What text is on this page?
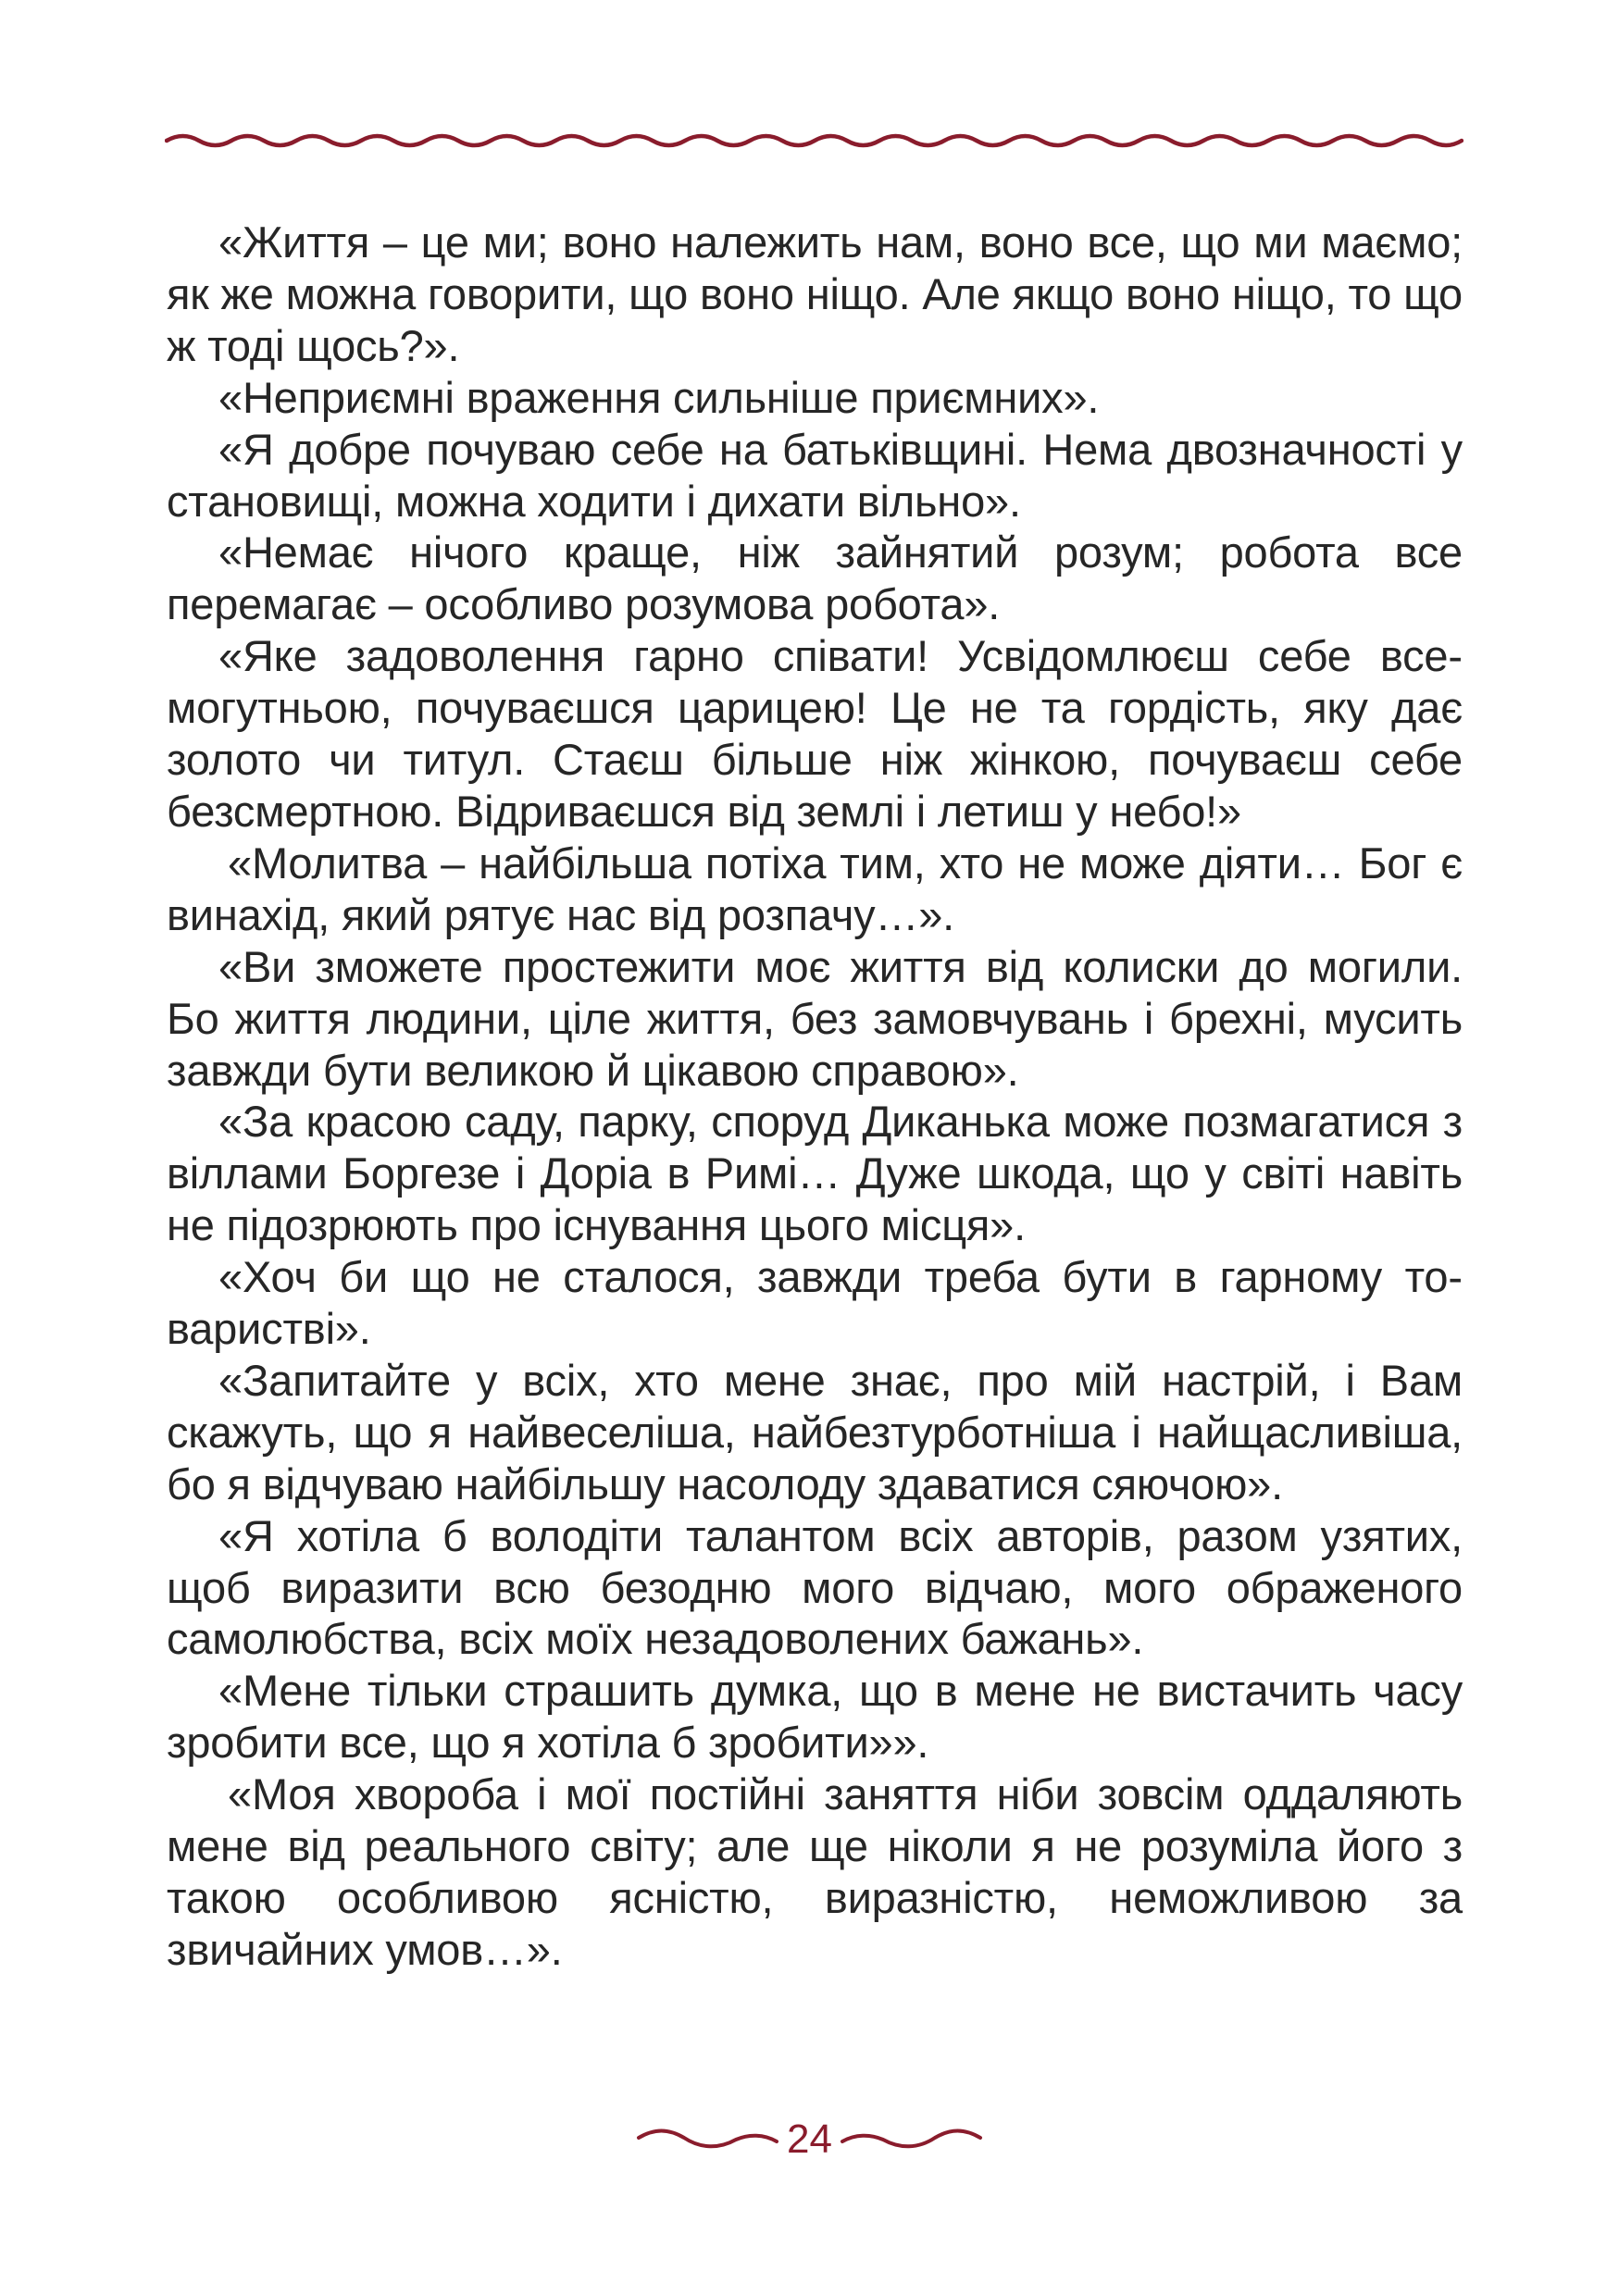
«Життя – це ми; воно належить нам, воно все, що ми маємо; як же можна говорити, що воно ніщо. Але якщо воно ніщо, то що ж тоді щось?».

«Неприємні враження сильніше приємних».

«Я добре почуваю себе на батьківщині. Нема двозначності у становищі, можна ходити і дихати вільно».

«Немає нічого краще, ніж зайнятий розум; робота все перемагає – особливо розумова робота».

«Яке задоволення гарно співати! Усвідомлюєш себе всемогутньою, почуваєшся царицею! Це не та гордість, яку дає золото чи титул. Стаєш більше ніж жінкою, почуваєш себе безсмертною. Відриваєшся від землі і летиш у небо!»

«Молитва – найбільша потіха тим, хто не може діяти… Бог є винахід, який рятує нас від розпачу…».

«Ви зможете простежити моє життя від колиски до могили. Бо життя людини, ціле життя, без замовчувань і брехні, мусить завжди бути великою й цікавою справою».

«За красою саду, парку, споруд Диканька може позмагатися з віллами Боргезе і Доріа в Римі… Дуже шкода, що у світі навіть не підозрюють про існування цього місця».

«Хоч би що не сталося, завжди треба бути в гарному товаристві».

«Запитайте у всіх, хто мене знає, про мій настрій, і Вам скажуть, що я найвеселіша, найбезтурботніша і найщасливіша, бо я відчуваю найбільшу насолоду здаватися сяючою».

«Я хотіла б володіти талантом всіх авторів, разом узятих, щоб виразити всю безодню мого відчаю, мого ображеного самолюбства, всіх моїх незадоволених бажань».

«Мене тільки страшить думка, що в мене не вистачить часу зробити все, що я хотіла б зробити»».

«Моя хвороба і мої постійні заняття ніби зовсім оддаляють мене від реального світу; але ще ніколи я не розуміла його з такою особливою ясністю, виразністю, неможливою за звичайних умов…».

24
